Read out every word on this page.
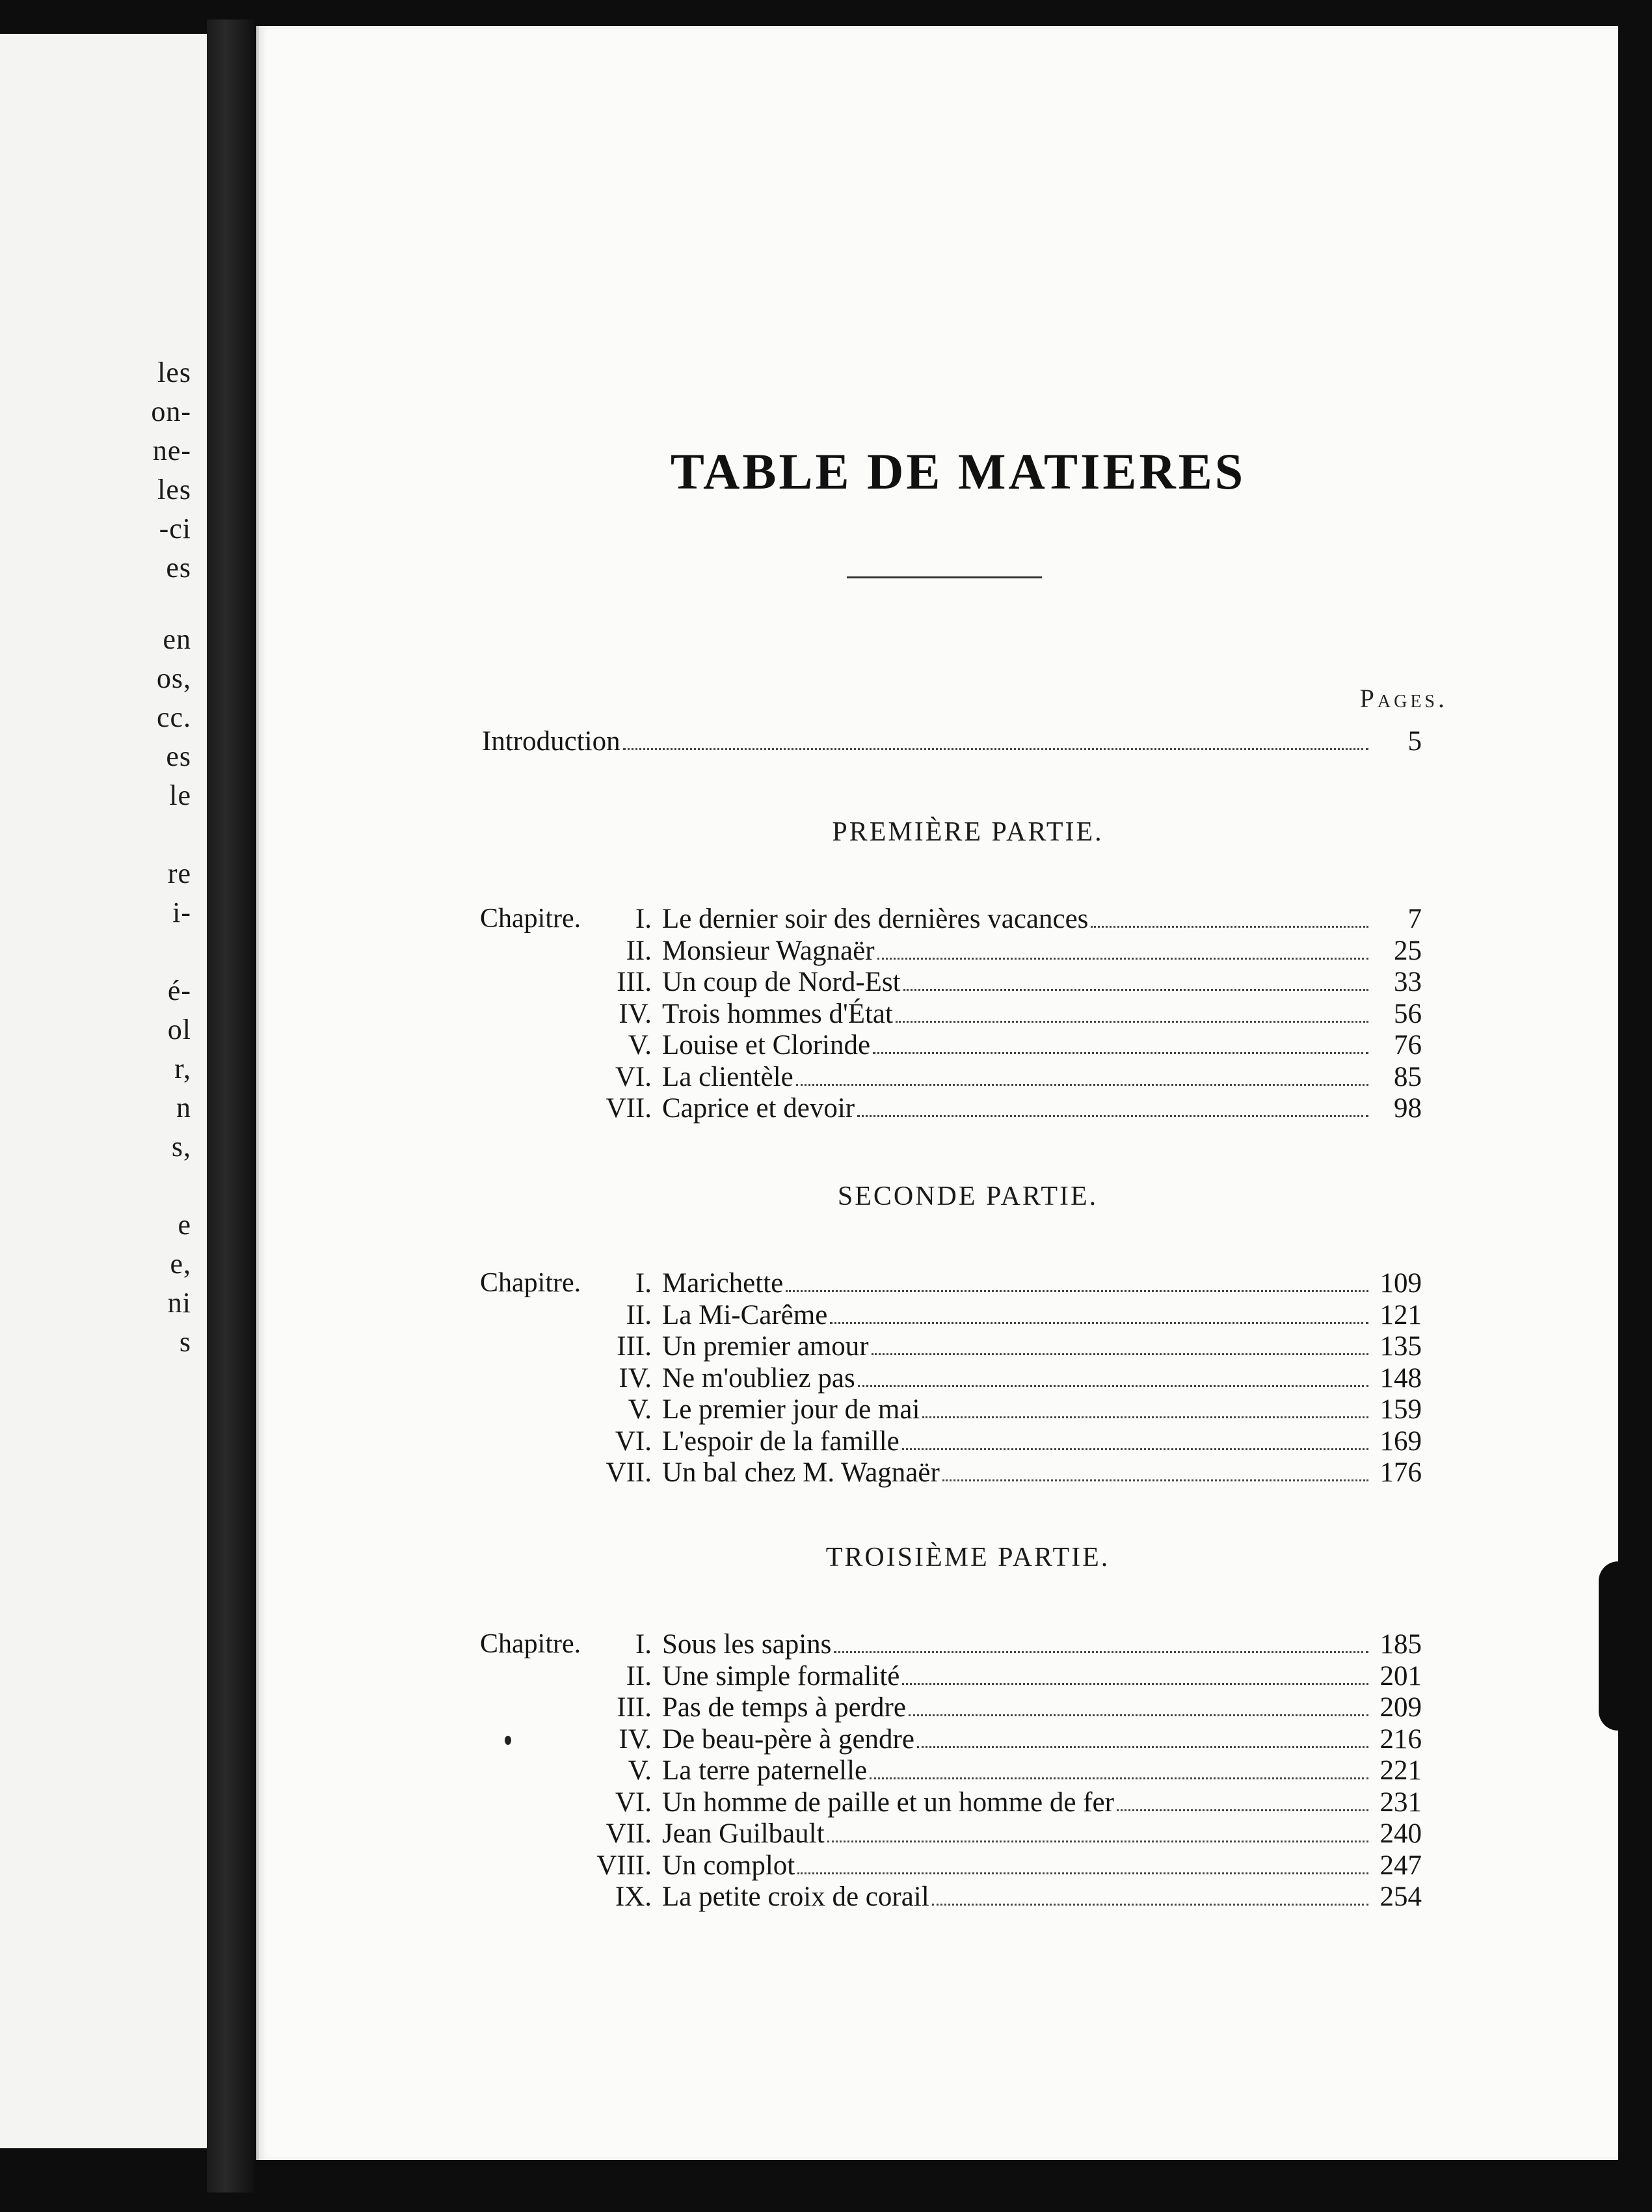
les
on-
ne-
les
-ci
es
en
os,
cc.
es
le
re
i-
é-
ol
r,
n
s,
e
e,
ni
s
TABLE DE MATIERES
Pages.
Introduction	5
PREMIÈRE PARTIE.
Chapitre.	I. Le dernier soir des dernières vacances	7
II. Monsieur Wagnaër	25
III. Un coup de Nord-Est	33
IV. Trois hommes d'État	56
V. Louise et Clorinde	76
VI. La clientèle	85
VII. Caprice et devoir	98
SECONDE PARTIE.
Chapitre.	I. Marichette	109
II. La Mi-Carême	121
III. Un premier amour	135
IV. Ne m'oubliez pas	148
V. Le premier jour de mai	159
VI. L'espoir de la famille	169
VII. Un bal chez M. Wagnaër	176
TROISIÈME PARTIE.
Chapitre.	I. Sous les sapins	185
II. Une simple formalité	201
III. Pas de temps à perdre	209
IV. De beau-père à gendre	216
V. La terre paternelle	221
VI. Un homme de paille et un homme de fer	231
VII. Jean Guilbault	240
VIII. Un complot	247
IX. La petite croix de corail	254
